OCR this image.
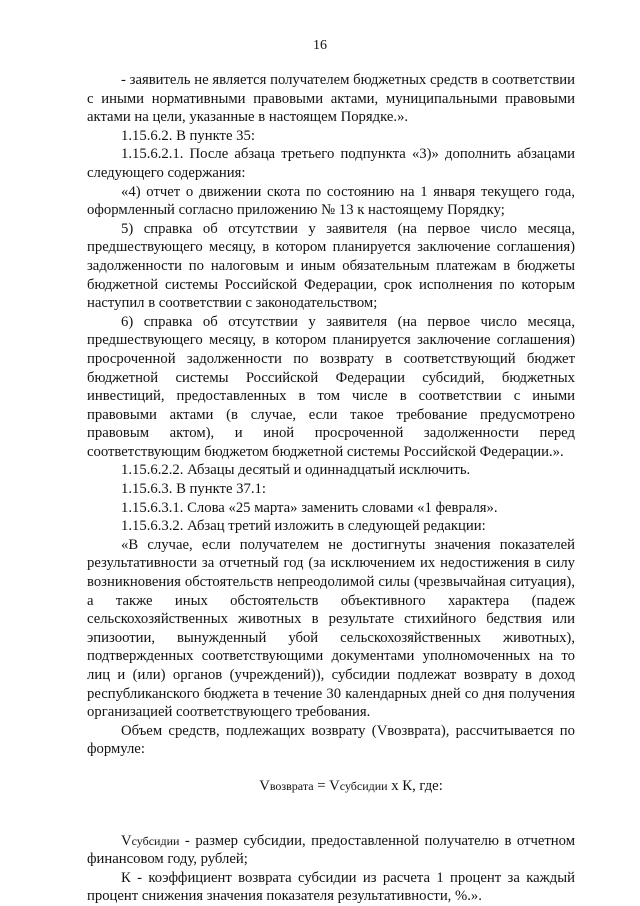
16

- заявитель не является получателем бюджетных средств в соответствии с иными нормативными правовыми актами, муниципальными правовыми актами на цели, указанные в настоящем Порядке.».

1.15.6.2. В пункте 35:

1.15.6.2.1. После абзаца третьего подпункта «3)» дополнить абзацами следующего содержания:

«4) отчет о движении скота по состоянию на 1 января текущего года, оформленный согласно приложению № 13 к настоящему Порядку;

5) справка об отсутствии у заявителя (на первое число месяца, предшествующего месяцу, в котором планируется заключение соглашения) задолженности по налоговым и иным обязательным платежам в бюджеты бюджетной системы Российской Федерации, срок исполнения по которым наступил в соответствии с законодательством;

6) справка об отсутствии у заявителя (на первое число месяца, предшествующего месяцу, в котором планируется заключение соглашения) просроченной задолженности по возврату в соответствующий бюджет бюджетной системы Российской Федерации субсидий, бюджетных инвестиций, предоставленных в том числе в соответствии с иными правовыми актами (в случае, если такое требование предусмотрено правовым актом), и иной просроченной задолженности перед соответствующим бюджетом бюджетной системы Российской Федерации.».

1.15.6.2.2. Абзацы десятый и одиннадцатый исключить.

1.15.6.3. В пункте 37.1:

1.15.6.3.1. Слова «25 марта» заменить словами «1 февраля».

1.15.6.3.2. Абзац третий изложить в следующей редакции:

«В случае, если получателем не достигнуты значения показателей результативности за отчетный год (за исключением их недостижения в силу возникновения обстоятельств непреодолимой силы (чрезвычайная ситуация), а также иных обстоятельств объективного характера (падеж сельскохозяйственных животных в результате стихийного бедствия или эпизоотии, вынужденный убой сельскохозяйственных животных), подтвержденных соответствующими документами уполномоченных на то лиц и (или) органов (учреждений)), субсидии подлежат возврату в доход республиканского бюджета в течение 30 календарных дней со дня получения организацией соответствующего требования.

Объем средств, подлежащих возврату (Vвозврата), рассчитывается по формуле:

Vвозврата = Vсубсидии x К, где:

Vсубсидии - размер субсидии, предоставленной получателю в отчетном финансовом году, рублей;

К - коэффициент возврата субсидии из расчета 1 процент за каждый процент снижения значения показателя результативности, %.».
